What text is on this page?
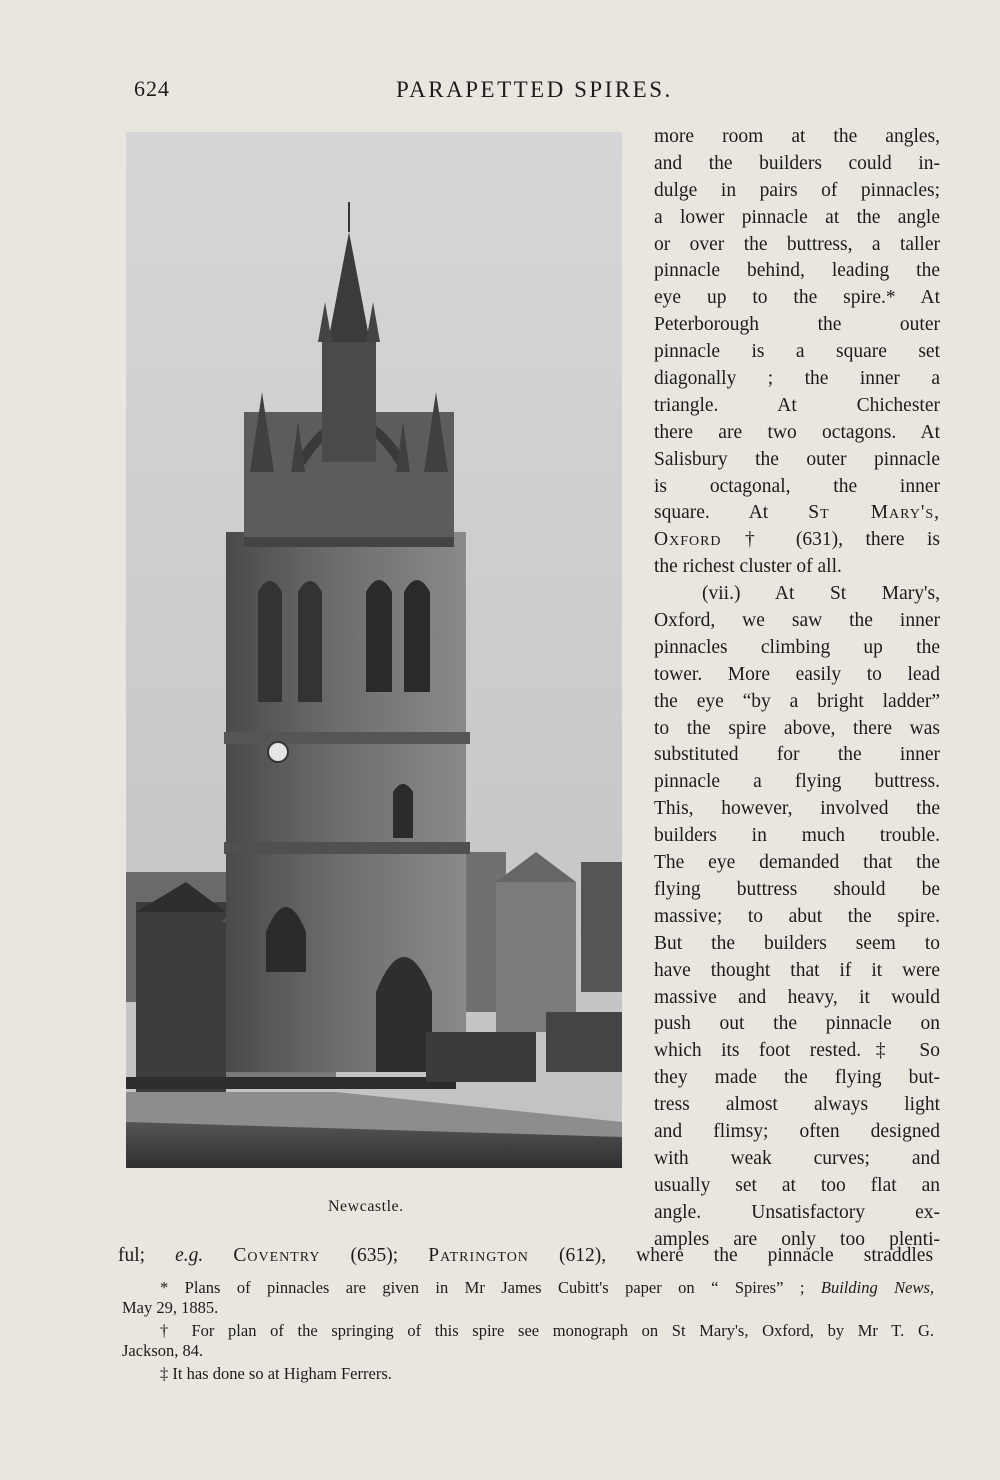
624	PARAPETTED SPIRES.
Newcastle.
more room at the angles,
and the builders could in-
dulge in pairs of pinnacles;
a lower pinnacle at the angle
or over the buttress, a taller
pinnacle behind, leading the
eye up to the spire.* At
Peterborough the outer
pinnacle is a square set
diagonally ; the inner a
triangle. At Chichester
there are two octagons. At
Salisbury the outer pinnacle
is octagonal, the inner
square. At St Mary's,
Oxford † (631), there is
the richest cluster of all.
(vii.) At St Mary's,
Oxford, we saw the inner
pinnacles climbing up the
tower. More easily to lead
the eye “by a bright ladder”
to the spire above, there was
substituted for the inner
pinnacle a flying buttress.
This, however, involved the
builders in much trouble.
The eye demanded that the
flying buttress should be
massive; to abut the spire.
But the builders seem to
have thought that if it were
massive and heavy, it would
push out the pinnacle on
which its foot rested.‡ So
they made the flying but-
tress almost always light
and flimsy; often designed
with weak curves; and
usually set at too flat an
angle. Unsatisfactory ex-
amples are only too plenti-
ful; e.g. Coventry (635); Patrington (612), where the pinnacle straddles
* Plans of pinnacles are given in Mr James Cubitt's paper on “ Spires” ; Building News,
May 29, 1885.
† For plan of the springing of this spire see monograph on St Mary's, Oxford, by Mr T. G.
Jackson, 84.
‡ It has done so at Higham Ferrers.
